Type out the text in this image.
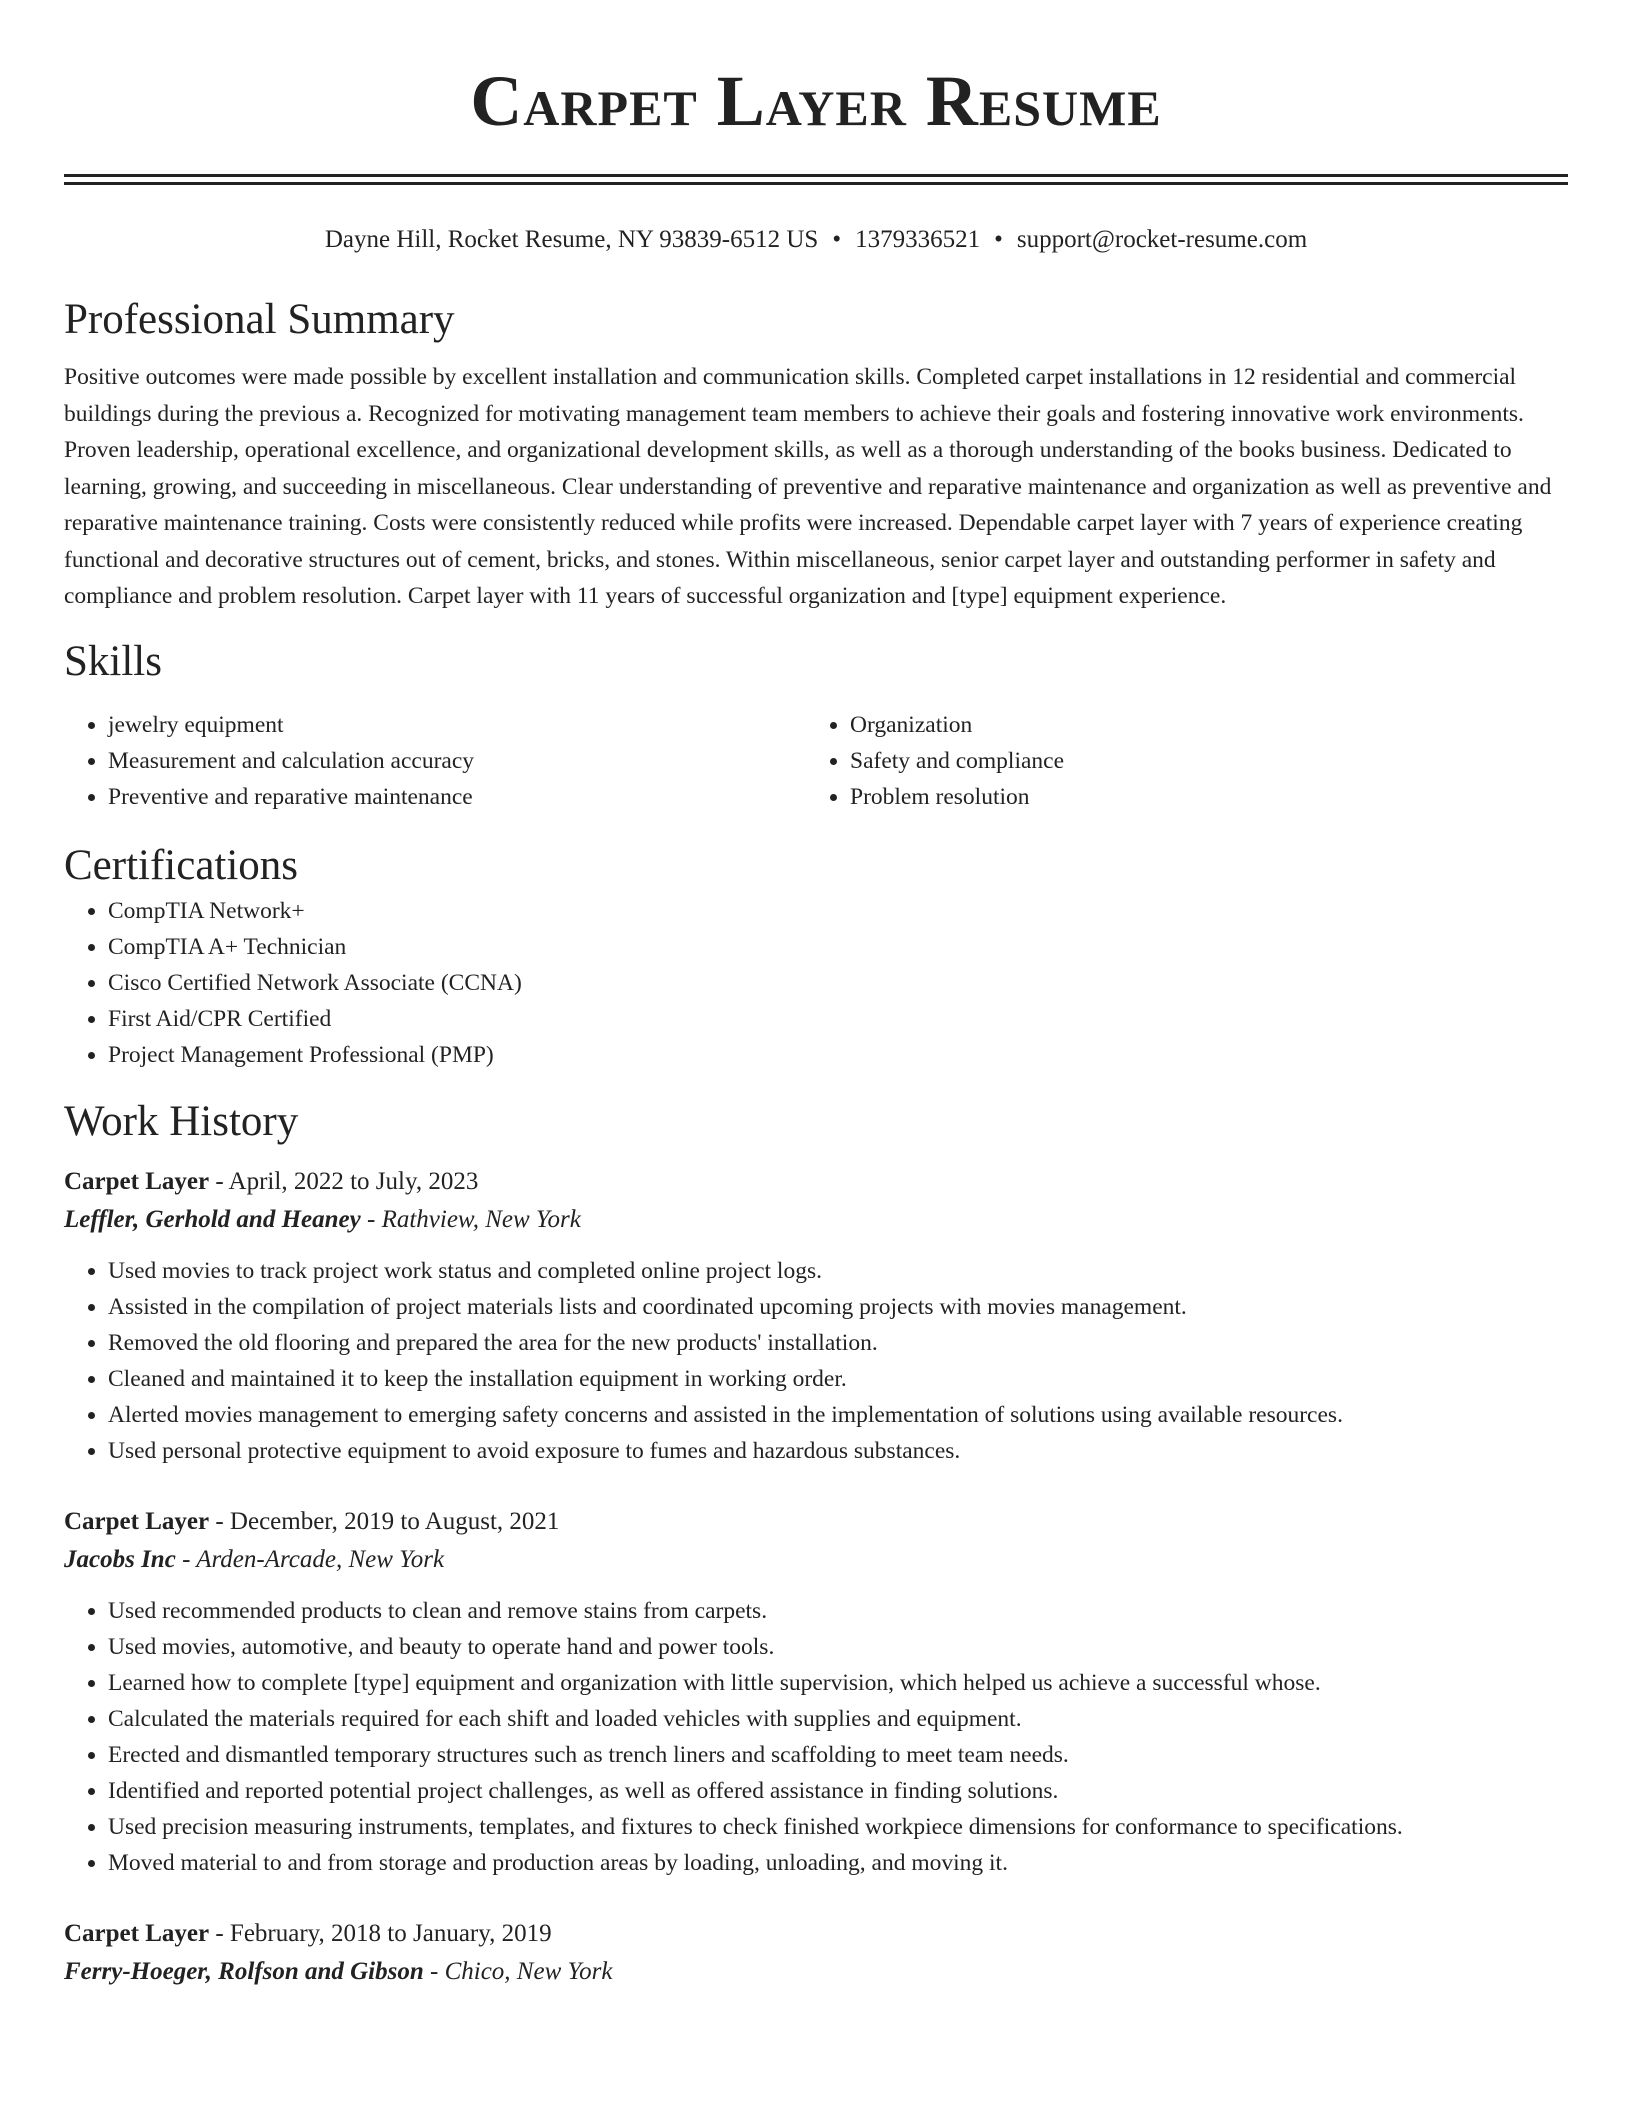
Carpet Layer Resume
Dayne Hill, Rocket Resume, NY 93839-6512 US • 1379336521 • support@rocket-resume.com
Professional Summary

Positive outcomes were made possible by excellent installation and communication skills. Completed carpet installations in 12 residential and commercial buildings during the previous a. Recognized for motivating management team members to achieve their goals and fostering innovative work environments. Proven leadership, operational excellence, and organizational development skills, as well as a thorough understanding of the books business. Dedicated to learning, growing, and succeeding in miscellaneous. Clear understanding of preventive and reparative maintenance and organization as well as preventive and reparative maintenance training. Costs were consistently reduced while profits were increased. Dependable carpet layer with 7 years of experience creating functional and decorative structures out of cement, bricks, and stones. Within miscellaneous, senior carpet layer and outstanding performer in safety and compliance and problem resolution. Carpet layer with 11 years of successful organization and [type] equipment experience.

Skills
• jewelry equipment
• Measurement and calculation accuracy
• Preventive and reparative maintenance
• Organization
• Safety and compliance
• Problem resolution
Certifications
• CompTIA Network+
• CompTIA A+ Technician
• Cisco Certified Network Associate (CCNA)
• First Aid/CPR Certified
• Project Management Professional (PMP)
Work History
Carpet Layer - April, 2022 to July, 2023
Leffler, Gerhold and Heaney - Rathview, New York
• Used movies to track project work status and completed online project logs.
• Assisted in the compilation of project materials lists and coordinated upcoming projects with movies management.
• Removed the old flooring and prepared the area for the new products' installation.
• Cleaned and maintained it to keep the installation equipment in working order.
• Alerted movies management to emerging safety concerns and assisted in the implementation of solutions using available resources.
• Used personal protective equipment to avoid exposure to fumes and hazardous substances.
Carpet Layer - December, 2019 to August, 2021
Jacobs Inc - Arden-Arcade, New York
• Used recommended products to clean and remove stains from carpets.
• Used movies, automotive, and beauty to operate hand and power tools.
• Learned how to complete [type] equipment and organization with little supervision, which helped us achieve a successful whose.
• Calculated the materials required for each shift and loaded vehicles with supplies and equipment.
• Erected and dismantled temporary structures such as trench liners and scaffolding to meet team needs.
• Identified and reported potential project challenges, as well as offered assistance in finding solutions.
• Used precision measuring instruments, templates, and fixtures to check finished workpiece dimensions for conformance to specifications.
• Moved material to and from storage and production areas by loading, unloading, and moving it.
Carpet Layer - February, 2018 to January, 2019
Ferry-Hoeger, Rolfson and Gibson - Chico, New York
